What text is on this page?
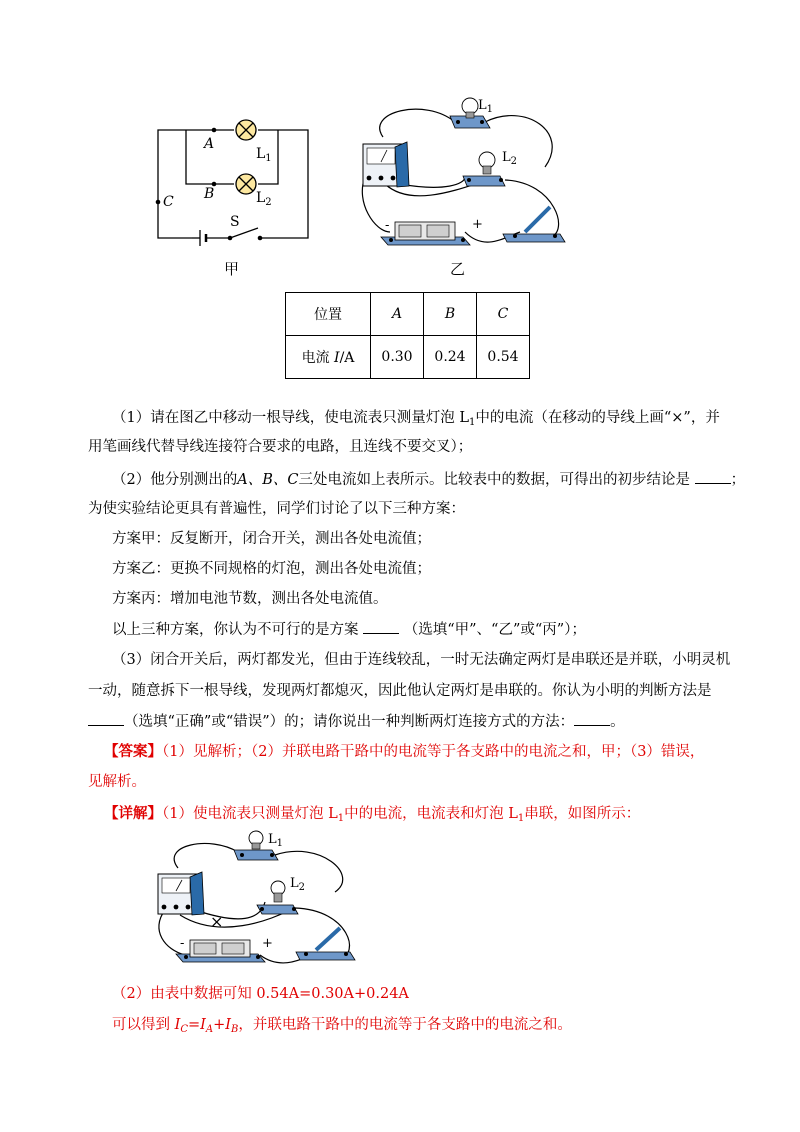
A
B
C
S
$L_1$
$L_2$
甲
$L_1$
$L_2$
-	+
乙
位置	A	B	C
电流 I/A	0.30	0.24	0.54
（1）请在图乙中移动一根导线，使电流表只测量灯泡 $L_1$中的电流（在移动的导线上画“×”，并
用笔画线代替导线连接符合要求的电路，且连线不要交叉）；
（2）他分别测出的A、B、C三处电流如上表所示。比较表中的数据，可得出的初步结论是	；
为使实验结论更具有普遍性，同学们讨论了以下三种方案：
方案甲：反复断开，闭合开关，测出各处电流值；
方案乙：更换不同规格的灯泡，测出各处电流值；
方案丙：增加电池节数，测出各处电流值。
以上三种方案，你认为不可行的是方案	（选填“甲”、“乙”或“丙”）；
（3）闭合开关后，两灯都发光，但由于连线较乱，一时无法确定两灯是串联还是并联，小明灵机
一动，随意拆下一根导线，发现两灯都熄灭，因此他认定两灯是串联的。你认为小明的判断方法是
（选填“正确”或“错误”）的；请你说出一种判断两灯连接方式的方法： 。
【答案】（1）见解析；（2）并联电路干路中的电流等于各支路中的电流之和，甲；（3）错误，
见解析。
【详解】（1）使电流表只测量灯泡 $L_1$中的电流，电流表和灯泡 $L_1$串联，如图所示：
$L_1$
$L_2$
×
-	+
（2）由表中数据可知 0.54A=0.30A+0.24A
可以得到 $I_C=I_A+I_B$，并联电路干路中的电流等于各支路中的电流之和。
